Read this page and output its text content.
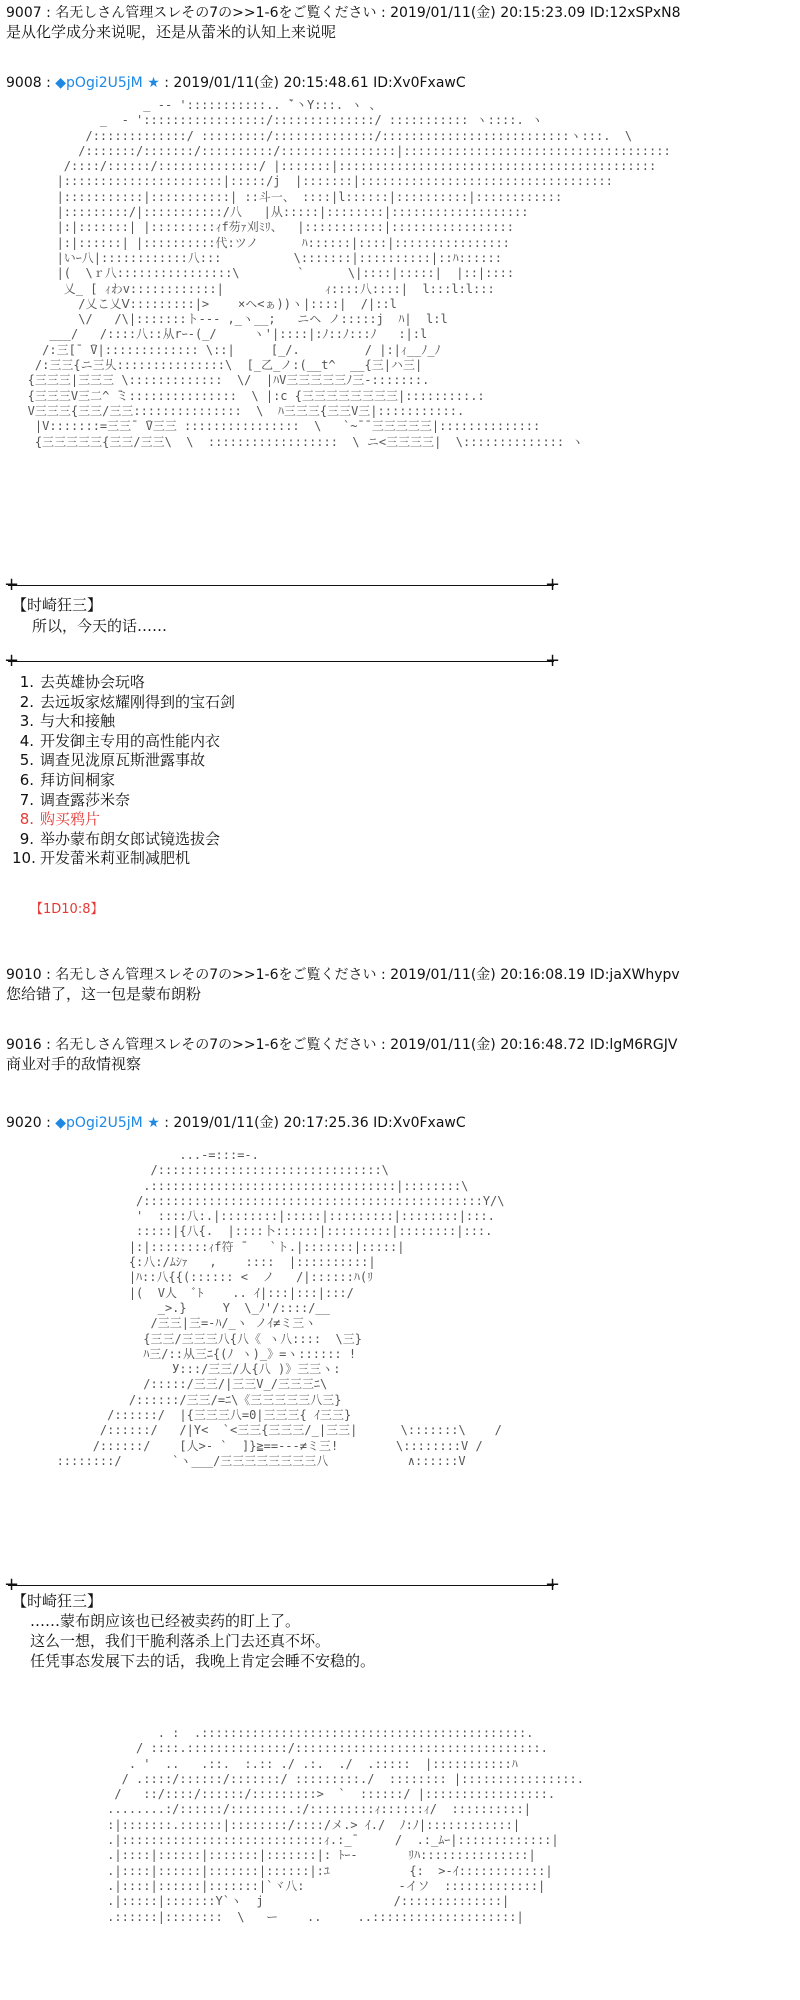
9007 : 名无しさん管理スレその7の>>1-6をご覧ください : 2019/01/11(金) 20:15:23.09 ID:12xSPxN8
是从化学成分来说呢，还是从蕾米的认知上来说呢
9008 : ◆pOgi2U5jM ★ : 2019/01/11(金) 20:15:48.61 ID:Xv0FxawC
_ -‐ ':::::::::::.. ̄`丶Y:::. ヽ 、
_  ‐ ':::::::::::::::::/::::::::::::::/ ::::::::::: ヽ::::. ヽ
/:::::::::::::/ :::::::::/::::::::::::::/::::::::::::::::::::::::::ヽ:::.  \
/:::::::/:::::::/::::::::::/::::::::::::::::|:::::::::::::::::::::::::::::::::::::
/::::/::::::/::::::::::::::/ |:::::::|::::::::::::::::::::::::::::::::::::::::::::
|::::::::::::::::::::::|:::::/j  |:::::::|:::::::::::::::::::::::::::::::::::
|:::::::::::|:::::::::::| ::斗一、 ::::|l::::::|::::::::::|::::::::::::
|:::::::::/|:::::::::::/八   |从:::::|::::::::|:::::::::::::::::::
|:|:::::::| |:::::::::ｨf芴ｧ刈ﾐﾘ、  |:::::::::::|:::::::::::::::::
|:|::::::| |::::::::::代:ツノ      ﾊ::::::|::::|::::::::::::::::
|いｰ八|::::::::::::八:::          \:::::::|::::::::::|::ﾊ::::::
|(  \ｒ八::::::::::::::::\        `      \|::::|:::::|  |::|::::
乂_ [ ｨわv::::::::::::|              ｨ::::八::::|  l:::l:l:::
/乂こ乂Ⅴ:::::::::|>    ×ヘ<ぁ))ヽ|::::|  /|::l
\/   /\|:::::::ト--‐ ,_ヽ__;   ニヘ ノ:::::j  ﾊ|  l:l
___/   /::::八::从rｰ‐(_/     ヽ'|::::|:ﾉ::ﾉ:::ﾉ   :|:l
/:三[¯ ̄V|::::::::::::: \::|     [_/.         / |:|ｨ__ﾉ_ﾉ
/:三三{ニ三乆:::::::::::::::\  [_乙_ノ:(__t^  __{三|ハ三|
{三三三|三三三 \:::::::::::::  \/  |ﾊV三三三三三ﾉ三‐:::::::.
{三三三V三二^ ̄ミ:::::::::::::::  \ |:c {三三三三三三三三|:::::::::.:
V三三三{三三/三三:::::::::::::::  \  ﾊ三三三{三三V三|:::::::::::.
|V:::::::=三三¯ ̄V三三 ::::::::::::::::  \   `~¯¯三三三三三|::::::::::::::
{三三三三三{三三/三三\  \  ::::::::::::::::::  \ ニ<三三三三|  \:::::::::::::: ヽ
+	+
【时崎狂三】
所以，今天的话……
+	+
1. 去英雄协会玩咯
2. 去远坂家炫耀刚得到的宝石剑
3. 与大和接触
4. 开发御主专用的高性能内衣
5. 调查见泷原瓦斯泄露事故
6. 拜访间桐家
7. 调查露莎米奈
8. 购买鸦片
9. 举办蒙布朗女郎试镜选拔会
10. 开发蕾米莉亚制减肥机
【1D10:8】
9010 : 名无しさん管理スレその7の>>1-6をご覧ください : 2019/01/11(金) 20:16:08.19 ID:jaXWhypv
您给错了，这一包是蒙布朗粉
9016 : 名无しさん管理スレその7の>>1-6をご覧ください : 2019/01/11(金) 20:16:48.72 ID:lgM6RGJV
商业对手的敌情视察
9020 : ◆pOgi2U5jM ★ : 2019/01/11(金) 20:17:25.36 ID:Xv0FxawC
...-=:::=-.
/:::::::::::::::::::::::::::::::\
.::::::::::::::::::::::::::::::::::|::::::::\
/:::::::::::::::::::::::::::::::::::::::::::::::Y/\
'  ::::八:.|::::::::|:::::|:::::::::|::::::::|:::.
:::::|{八{.  |::::卜::::::|:::::::::|::::::::|:::.
|:|::::::::ｨf符 ̄¯   `ト.|:::::::|:::::|
{:八:/ﾑｼｧ   ,    ::::  |::::::::::|
|ﾊ::八{{(:::::: <  ノ   /|::::::ﾊ(ﾘ
|(  V人  ﾞﾄ    .. ｲ|:::|:::|:::/
_>.}     Y  \_ﾉ'/::::/__
/三三|三=-ﾊ/_ヽ ノｲ≠ミ三ヽ
{三三/三三三八{八《 ヽ八::::  \三}
ﾊ三/::从三ﾆ{(ﾉ ヽ)_》=ヽ:::::: !
У:::/三三/人{八 )》三三ヽ:
/:::::/三三/|三三V_/三三三ﾆ\
/::::::/三三/=ﾆ\《三三三三三八三}
/::::::/  |{三三三八=0|三三三{ ｲ三三}
/::::::/   /|Y<  `<三三{三三三/_|三三|      \:::::::\    /
/::::::/    [人>‐ `  ]}≧==‐‐‐≠ミ三!        \::::::::V /
::::::::/       `ヽ___/三三三三三三三三八           ∧::::::V
+	+
【时崎狂三】
……蒙布朗应该也已经被卖药的盯上了。
这么一想，我们干脆利落杀上门去还真不坏。
任凭事态发展下去的话，我晚上肯定会睡不安稳的。
. :  .:::::::::::::::::::::::::::::::::::::::::::::.
/ ::::.::::::::::::::/::::::::::::::::::::::::::::::::::.
. '  ..   .::.  :.:: ./ .:.  ./  .:::::  |:::::::::::ﾊ
/ .::::/::::::/:::::::/ :::::::::./  :::::::: |::::::::::::::::.
/   ::/::::/::::::/:::::::::>  `  ::::::/ |:::::::::::::::::.
........:/::::::/::::::::.:/:::::::::ｨ::::::ｨ/  ::::::::::|
:|:::::::.::::::|::::::::/::::/メ.> ｲ./  ﾉ:ﾉ|::::::::::::|
.|::::::::::::::::::::::::::::ｨ.:_¯     /  .:_ﾑｰ|:::::::::::::|
.|::::|::::::|:::::::|:::::::|: ﾄｰ‐       ﾘﾊ:::::::::::::::|
.|::::|::::::|:::::::|::::::|:ﾕ           {:  >‐ｲ::::::::::::|
.|::::|::::::|:::::::|`ヾ八:             ‐イソ  :::::::::::::|
.|:::::|:::::::Y`ヽ  j                  /::::::::::::::|
.::::::|::::::::  \   ー    ..     ..::::::::::::::::::::|
